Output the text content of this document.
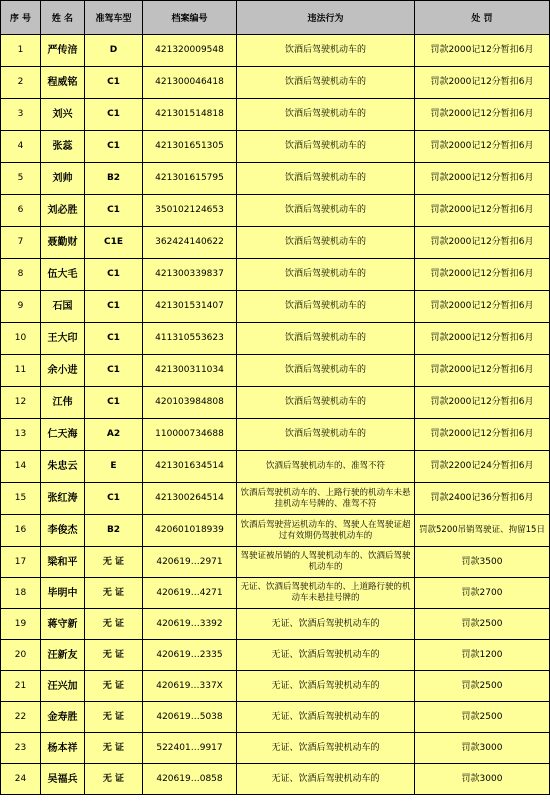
序 号	姓 名	准驾车型	档案编号	违法行为	处 罚
1	严传涪	D	421320009548	饮酒后驾驶机动车的	罚款2000记12分暂扣6月
2	程威铭	C1	421300046418	饮酒后驾驶机动车的	罚款2000记12分暂扣6月
3	刘兴	C1	421301514818	饮酒后驾驶机动车的	罚款2000记12分暂扣6月
4	张蕊	C1	421301651305	饮酒后驾驶机动车的	罚款2000记12分暂扣6月
5	刘帅	B2	421301615795	饮酒后驾驶机动车的	罚款2000记12分暂扣6月
6	刘必胜	C1	350102124653	饮酒后驾驶机动车的	罚款2000记12分暂扣6月
7	聂勤财	C1E	362424140622	饮酒后驾驶机动车的	罚款2000记12分暂扣6月
8	伍大毛	C1	421300339837	饮酒后驾驶机动车的	罚款2000记12分暂扣6月
9	石国	C1	421301531407	饮酒后驾驶机动车的	罚款2000记12分暂扣6月
10	王大印	C1	411310553623	饮酒后驾驶机动车的	罚款2000记12分暂扣6月
11	余小进	C1	421300311034	饮酒后驾驶机动车的	罚款2000记12分暂扣6月
12	江伟	C1	420103984808	饮酒后驾驶机动车的	罚款2000记12分暂扣6月
13	仁天海	A2	110000734688	饮酒后驾驶机动车的	罚款2000记12分暂扣6月
14	朱忠云	E	421301634514	饮酒后驾驶机动车的、准驾不符	罚款2200记24分暂扣6月
15	张红涛	C1	421300264514	饮酒后驾驶机动车的、上路行驶的机动车未悬挂机动车号牌的、准驾不符	罚款2400记36分暂扣6月
16	李俊杰	B2	420601018939	饮酒后驾驶营运机动车的、驾驶人在驾驶证超过有效期仍驾驶机动车的	罚款5200吊销驾驶证、拘留15日
17	梁和平	无 证	420619…2971	驾驶证被吊销的人驾驶机动车的、饮酒后驾驶机动车的	罚款3500
18	毕明中	无 证	420619…4271	无证、饮酒后驾驶机动车的、上道路行驶的机动车未悬挂号牌的	罚款2700
19	蒋守新	无 证	420619…3392	无证、饮酒后驾驶机动车的	罚款2500
20	汪新友	无 证	420619…2335	无证、饮酒后驾驶机动车的	罚款1200
21	汪兴加	无 证	420619…337X	无证、饮酒后驾驶机动车的	罚款2500
22	金寿胜	无 证	420619…5038	无证、饮酒后驾驶机动车的	罚款2500
23	杨本祥	无 证	522401…9917	无证、饮酒后驾驶机动车的	罚款3000
24	吴福兵	无 证	420619…0858	无证、饮酒后驾驶机动车的	罚款3000
